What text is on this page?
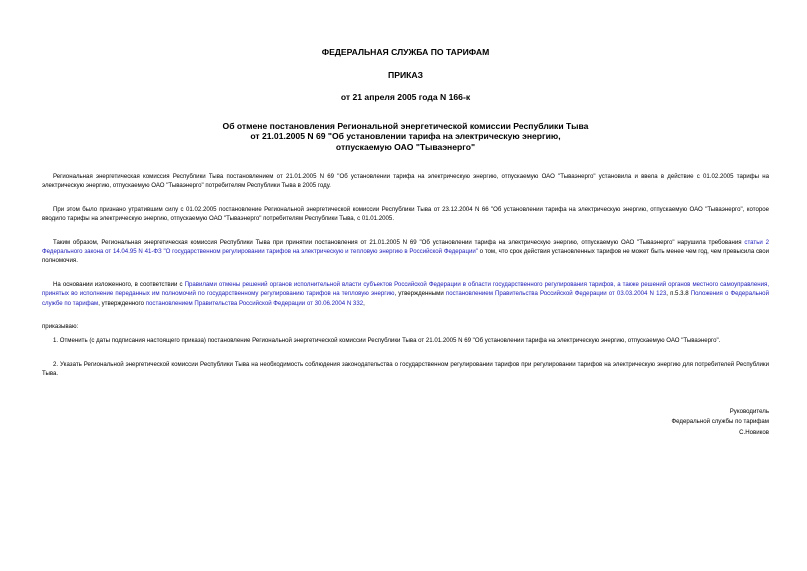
ФЕДЕРАЛЬНАЯ СЛУЖБА ПО ТАРИФАМ
ПРИКАЗ
от 21 апреля 2005 года N 166-к
Об отмене постановления Региональной энергетической комиссии Республики Тыва
от 21.01.2005 N 69 "Об установлении тарифа на электрическую энергию,
отпускаемую ОАО "Тываэнерго"

Региональная энергетическая комиссия Республики Тыва постановлением от 21.01.2005 N 69 "Об установлении тарифа на электрическую энергию, отпускаемую ОАО "Тываэнерго" установила и ввела в действие с 01.02.2005 тарифы на электрическую энергию, отпускаемую ОАО "Тываэнерго" потребителям Республики Тыва в 2005 году.

При этом было признано утратившим силу с 01.02.2005 постановление Региональной энергетической комиссии Республики Тыва от 23.12.2004 N 66 "Об установлении тарифа на электрическую энергию, отпускаемую ОАО "Тываэнерго", которое вводило тарифы на электрическую энергию, отпускаемую ОАО "Тываэнерго" потребителям Республики Тыва, с 01.01.2005.

Таким образом, Региональная энергетическая комиссия Республики Тыва при принятии постановления от 21.01.2005 N 69 "Об установлении тарифа на электрическую энергию, отпускаемую ОАО "Тываэнерго" нарушила требования статьи 2 Федерального закона от 14.04.95 N 41-ФЗ "О государственном регулировании тарифов на электрическую и тепловую энергию в Российской Федерации" о том, что срок действия установленных тарифов не может быть менее чем год, чем превысила свои полномочия.

На основании изложенного, в соответствии с Правилами отмены решений органов исполнительной власти субъектов Российской Федерации в области государственного регулирования тарифов, а также решений органов местного самоуправления, принятых во исполнение переданных им полномочий по государственному регулированию тарифов на тепловую энергию, утвержденными постановлением Правительства Российской Федерации от 03.03.2004 N 123, п.5.3.8 Положения о Федеральной службе по тарифам, утвержденного постановлением Правительства Российской Федерации от 30.06.2004 N 332,

приказываю:

1. Отменить (с даты подписания настоящего приказа) постановление Региональной энергетической комиссии Республики Тыва от 21.01.2005 N 69 "Об установлении тарифа на электрическую энергию, отпускаемую ОАО "Тываэнерго".

2. Указать Региональной энергетической комиссии Республики Тыва на необходимость соблюдения законодательства о государственном регулировании тарифов при регулировании тарифов на электрическую энергию для потребителей Республики Тыва.

Руководитель
Федеральной службы по тарифам
С.Новиков
